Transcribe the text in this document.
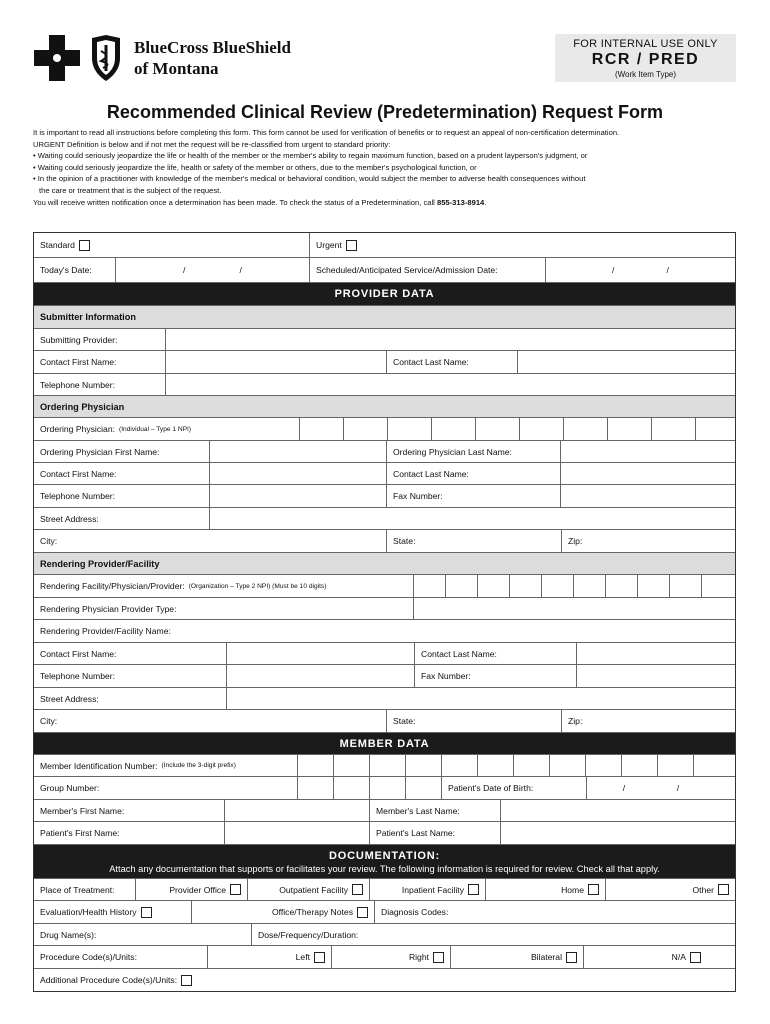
BlueCross BlueShield
of Montana
FOR INTERNAL USE ONLY
RCR / PRED
(Work Item Type)
Recommended Clinical Review (Predetermination) Request Form
It is important to read all instructions before completing this form. This form cannot be used for verification of benefits or to request an appeal of non-certification determination.
URGENT Definition is below and if not met the request will be re-classified from urgent to standard priority:
• Waiting could seriously jeopardize the life or health of the member or the member's ability to regain maximum function, based on a prudent layperson's judgment, or
• Waiting could seriously jeopardize the life, health or safety of the member or others, due to the member's psychological function, or
• In the opinion of a practitioner with knowledge of the member's medical or behavioral condition, would subject the member to adverse health consequences without
the care or treatment that is the subject of the request.
You will receive written notification once a determination has been made. To check the status of a Predetermination, call 855-313-8914.
Standard	Urgent
Today's Date:	/	/	Scheduled/Anticipated Service/Admission Date:	/	/
PROVIDER DATA
Submitter Information
Submitting Provider:
Contact First Name:	Contact Last Name:
Telephone Number:
Ordering Physician
Ordering Physician: (Individual – Type 1 NPI)
Ordering Physician First Name:	Ordering Physician Last Name:
Contact First Name:	Contact Last Name:
Telephone Number:	Fax Number:
Street Address:
City:	State:	Zip:
Rendering Provider/Facility
Rendering Facility/Physician/Provider: (Organization – Type 2 NPI) (Must be 10 digits)
Rendering Physician Provider Type:
Rendering Provider/Facility Name:
Contact First Name:	Contact Last Name:
Telephone Number:	Fax Number:
Street Address:
City:	State:	Zip:
MEMBER DATA
Member Identification Number: (Include the 3-digit prefix)
Group Number:	Patient's Date of Birth:	/	/
Member's First Name:	Member's Last Name:
Patient's First Name:	Patient's Last Name:
DOCUMENTATION:
Attach any documentation that supports or facilitates your review. The following information is required for review. Check all that apply.
Place of Treatment:	Provider Office	Outpatient Facility	Inpatient Facility	Home	Other
Evaluation/Health History	Office/Therapy Notes	Diagnosis Codes:
Drug Name(s):	Dose/Frequency/Duration:
Procedure Code(s)/Units:	Left	Right	Bilateral	N/A
Additional Procedure Code(s)/Units:
